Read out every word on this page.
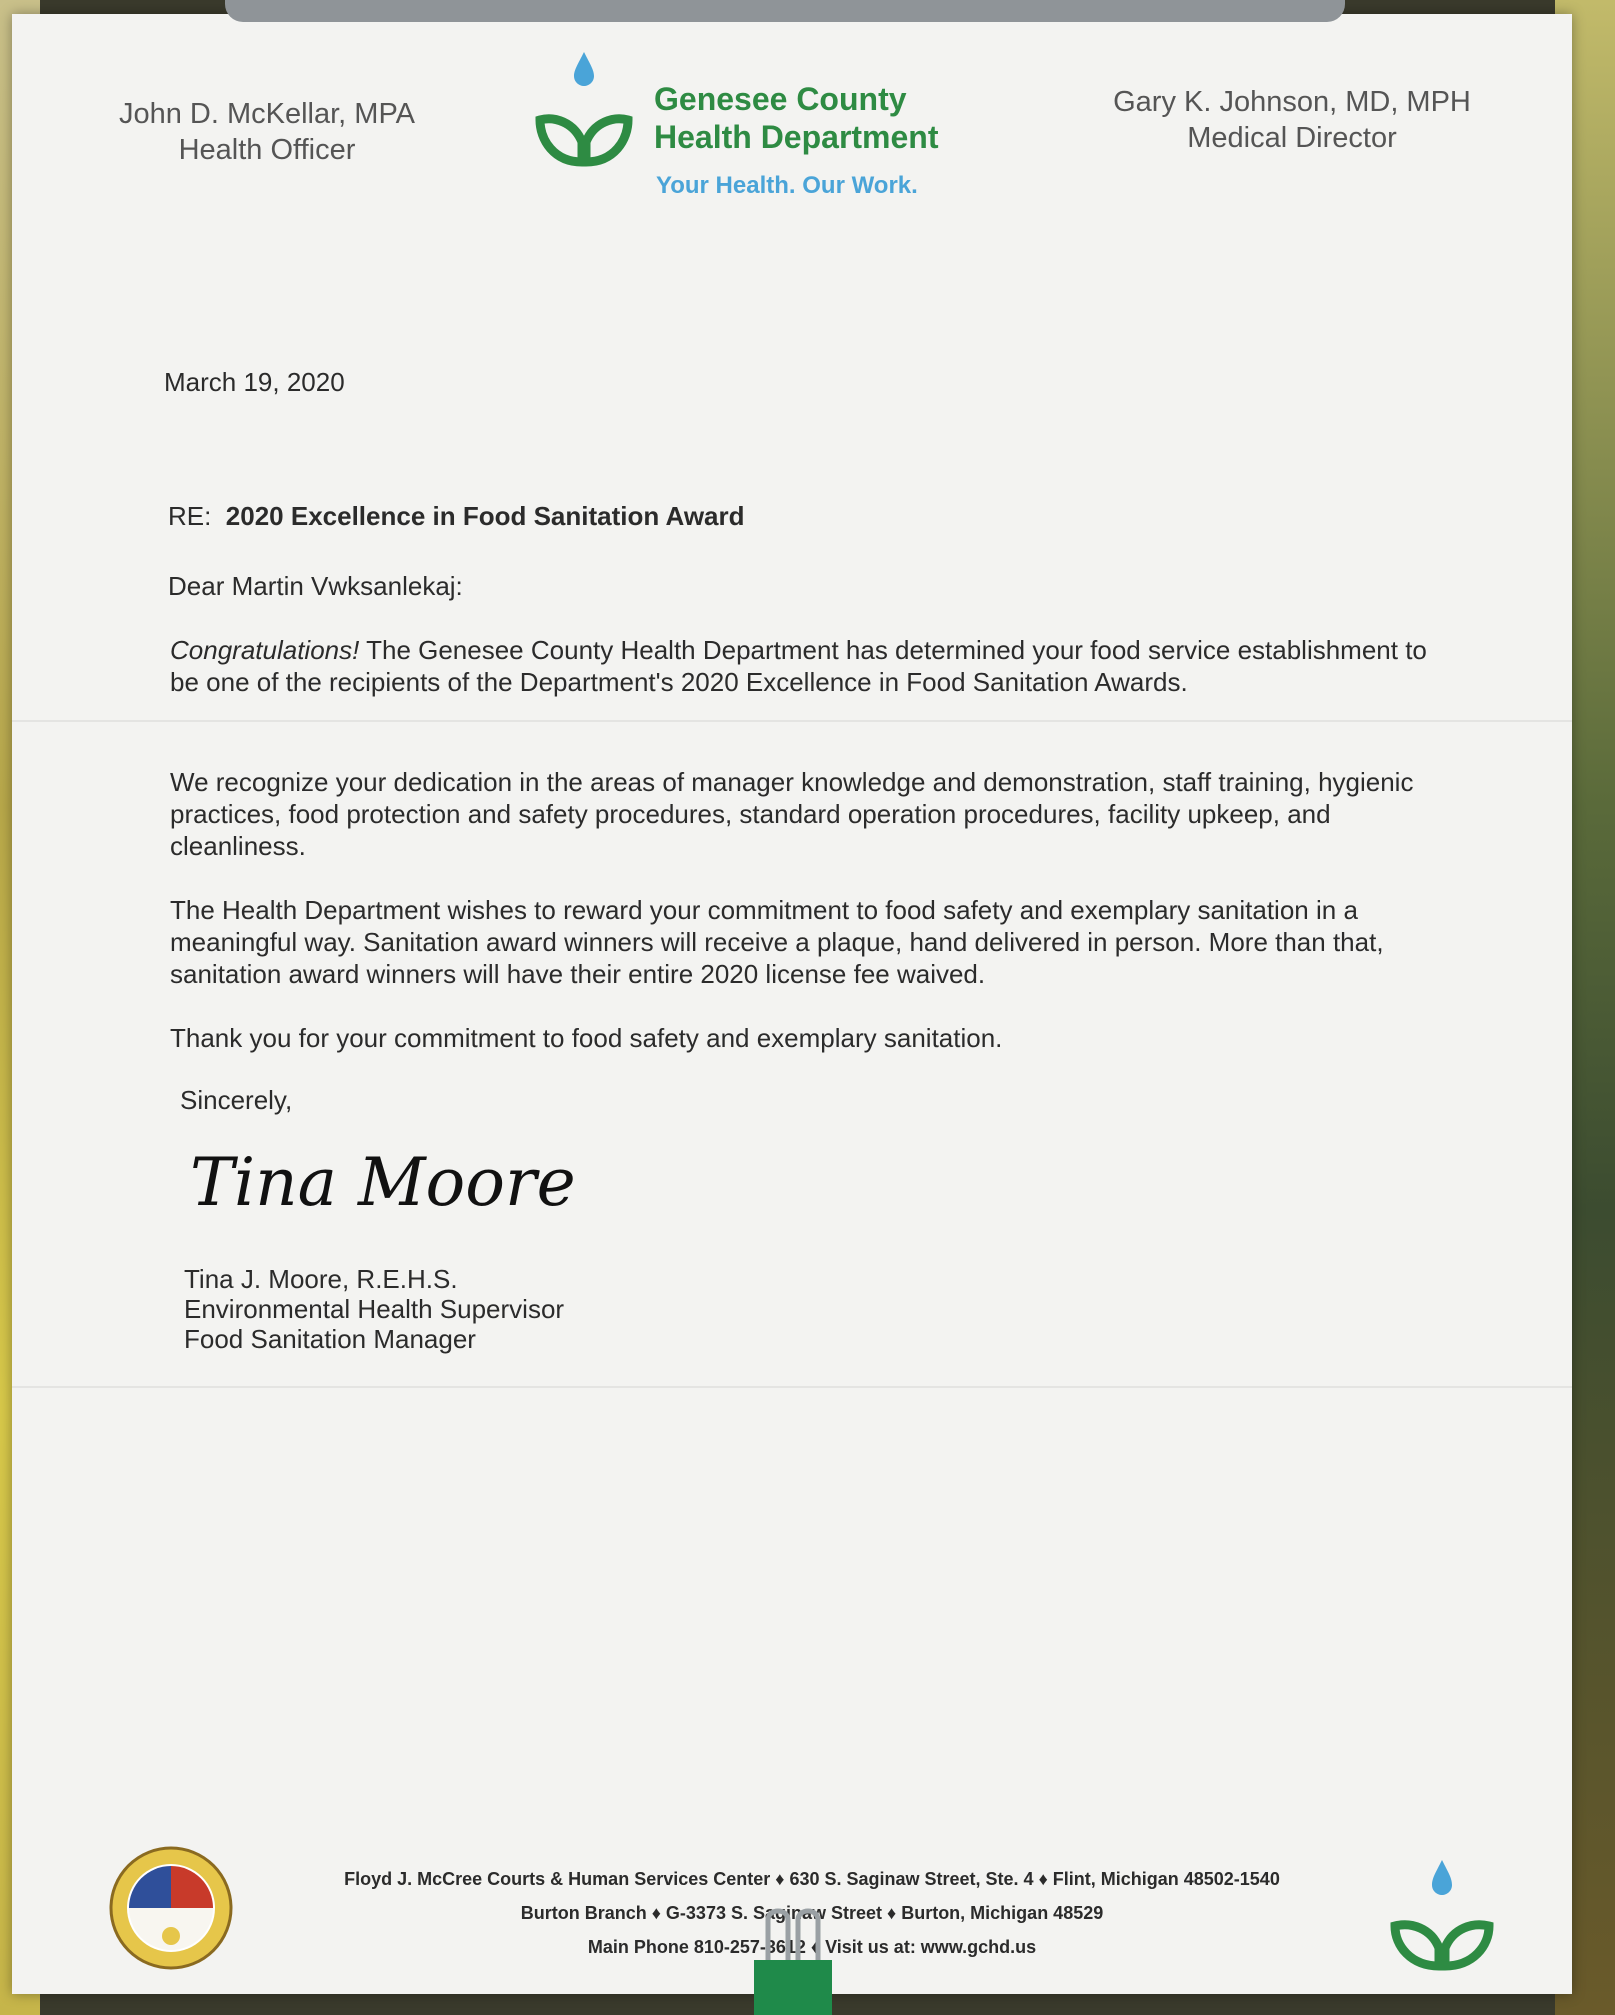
John D. McKellar, MPA
Health Officer
Genesee County
Health Department
Your Health. Our Work.
Gary K. Johnson, MD, MPH
Medical Director
March 19, 2020
RE: 2020 Excellence in Food Sanitation Award
Dear Martin Vwksanlekaj:
Congratulations! The Genesee County Health Department has determined your food service establishment to be one of the recipients of the Department's 2020 Excellence in Food Sanitation Awards.
We recognize your dedication in the areas of manager knowledge and demonstration, staff training, hygienic practices, food protection and safety procedures, standard operation procedures, facility upkeep, and cleanliness.
The Health Department wishes to reward your commitment to food safety and exemplary sanitation in a meaningful way. Sanitation award winners will receive a plaque, hand delivered in person. More than that, sanitation award winners will have their entire 2020 license fee waived.
Thank you for your commitment to food safety and exemplary sanitation.
Sincerely,
Tina Moore
Tina J. Moore, R.E.H.S.
Environmental Health Supervisor
Food Sanitation Manager
Floyd J. McCree Courts & Human Services Center ♦ 630 S. Saginaw Street, Ste. 4 ♦ Flint, Michigan 48502-1540
Burton Branch ♦ G-3373 S. Saginaw Street ♦ Burton, Michigan 48529
Main Phone 810-257-3612 ♦ Visit us at: www.gchd.us
